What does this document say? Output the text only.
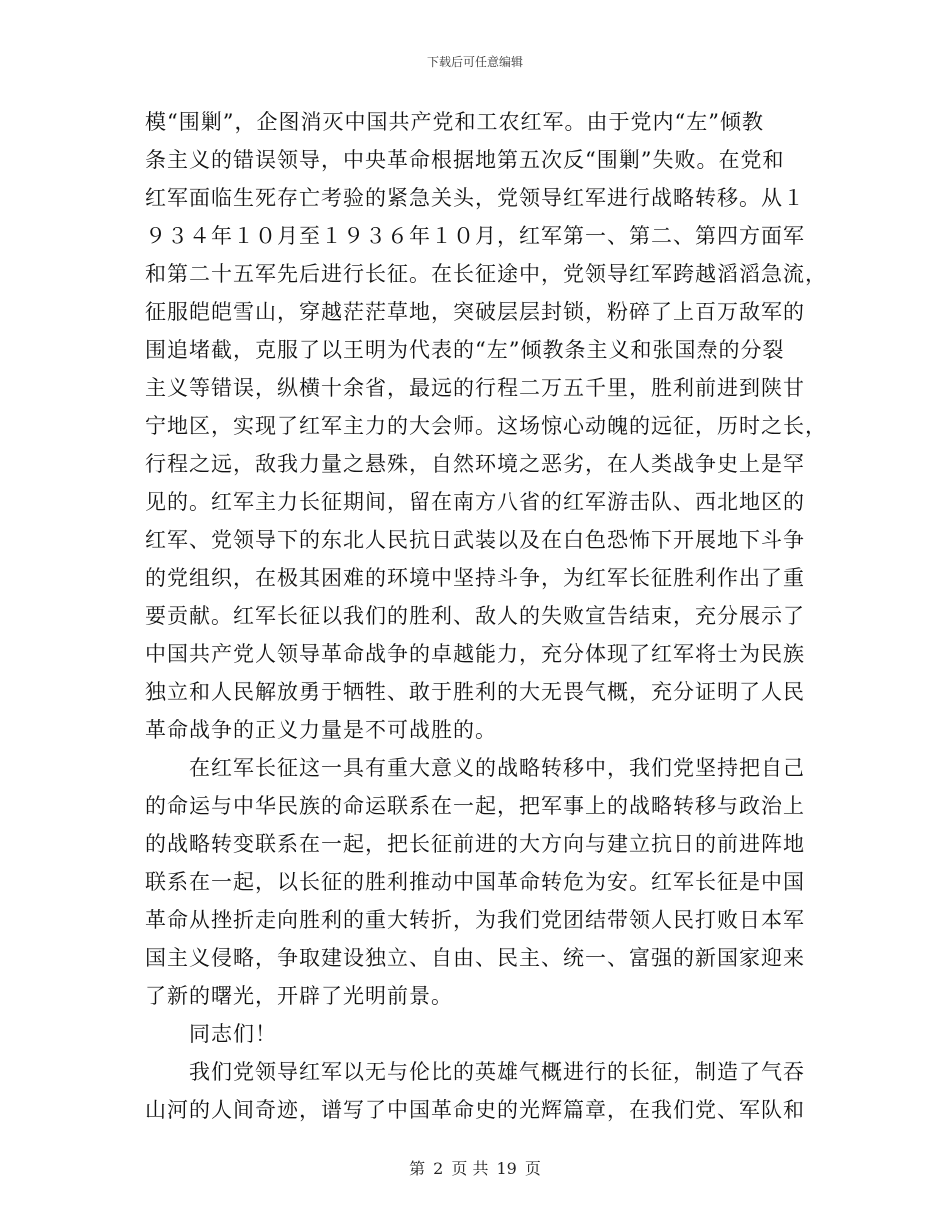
下载后可任意编辑
模“围剿”，企图消灭中国共产党和工农红军。由于党内“左”倾教
条主义的错误领导，中央革命根据地第五次反“围剿”失败。在党和
红军面临生死存亡考验的紧急关头，党领导红军进行战略转移。从１
９３４年１０月至１９３６年１０月，红军第一、第二、第四方面军
和第二十五军先后进行长征。在长征途中，党领导红军跨越滔滔急流，
征服皑皑雪山，穿越茫茫草地，突破层层封锁，粉碎了上百万敌军的
围追堵截，克服了以王明为代表的“左”倾教条主义和张国焘的分裂
主义等错误，纵横十余省，最远的行程二万五千里，胜利前进到陕甘
宁地区，实现了红军主力的大会师。这场惊心动魄的远征，历时之长，
行程之远，敌我力量之悬殊，自然环境之恶劣，在人类战争史上是罕
见的。红军主力长征期间，留在南方八省的红军游击队、西北地区的
红军、党领导下的东北人民抗日武装以及在白色恐怖下开展地下斗争
的党组织，在极其困难的环境中坚持斗争，为红军长征胜利作出了重
要贡献。红军长征以我们的胜利、敌人的失败宣告结束，充分展示了
中国共产党人领导革命战争的卓越能力，充分体现了红军将士为民族
独立和人民解放勇于牺牲、敢于胜利的大无畏气概，充分证明了人民
革命战争的正义力量是不可战胜的。
在红军长征这一具有重大意义的战略转移中，我们党坚持把自己
的命运与中华民族的命运联系在一起，把军事上的战略转移与政治上
的战略转变联系在一起，把长征前进的大方向与建立抗日的前进阵地
联系在一起，以长征的胜利推动中国革命转危为安。红军长征是中国
革命从挫折走向胜利的重大转折，为我们党团结带领人民打败日本军
国主义侵略，争取建设独立、自由、民主、统一、富强的新国家迎来
了新的曙光，开辟了光明前景。
同志们！
我们党领导红军以无与伦比的英雄气概进行的长征，制造了气吞
山河的人间奇迹，谱写了中国革命史的光辉篇章，在我们党、军队和
第 2 页 共 19 页
